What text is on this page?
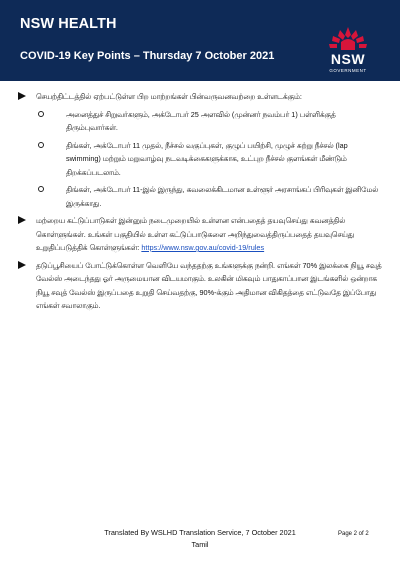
NSW HEALTH
COVID-19 Key Points – Thursday 7 October 2021	NSW
GOVERNMENT
செயற்திட்டத்தில் ஏற்பட்டுள்ள பிற மாற்றங்கள் பின்வருவனவற்றை உள்ளடக்கும்:
அனைத்துச் சிறுவர்களும், அக்டோபர் 25 அளவில் (முன்னர் நவம்பர் 1) பள்ளிக்குத் திரும்புவார்கள்.
திங்கள், அக்டோபர் 11 முதல், நீச்சல் வகுப்புகள், குழுப் பயிற்சி, முழுச் சுற்று நீச்சல் (lap swimming) மற்றும் மறுவாழ்வு நடவடிக்கைகளுக்காக, உட்புற நீச்சல் குளங்கள் மீண்டும் திறக்கப்படலாம்.
திங்கள், அக்டோபர் 11-இல் இருந்து, கவலைக்கிடமான உள்ளூர் அரசாங்கப் பிரிவுகள் இனிமேல் இருக்காது.
மற்றைய கட்டுப்பாடுகள் இன்னும் நடைமுறையில் உள்ளன என்பதைத் தயவுசெய்து கவனத்தில் கொள்ளுங்கள். உங்கள் பகுதியில் உள்ள கட்டுப்பாடுகளை அறிந்துவைத்திருப்பதைத் தயவுசெய்து உறுதிப்படுத்திக் கொள்ளுங்கள்: https://www.nsw.gov.au/covid-19/rules
தடுப்பூசியைப் போட்டுக்கொள்ள வெளியே வந்ததற்கு உங்களுக்கு நன்றி. எங்கள் 70% இலக்கை நியூ சவுத் வேல்ஸ் அடைந்தது ஓர் அருமையான விடயமாகும். உலகின் மிகவும் பாதுகாப்பான இடங்களில் ஒன்றாக நியூ சவுத் வேல்ஸ் இருப்பதை உறுதி செய்வதற்கு, 90%-க்கும் அதிமான விகிதத்தை எட்டுவதே இப்போது எங்கள் சவாலாகும்.
Translated By WSLHD Translation Service, 7 October 2021
Tamil
Page 2 of 2
